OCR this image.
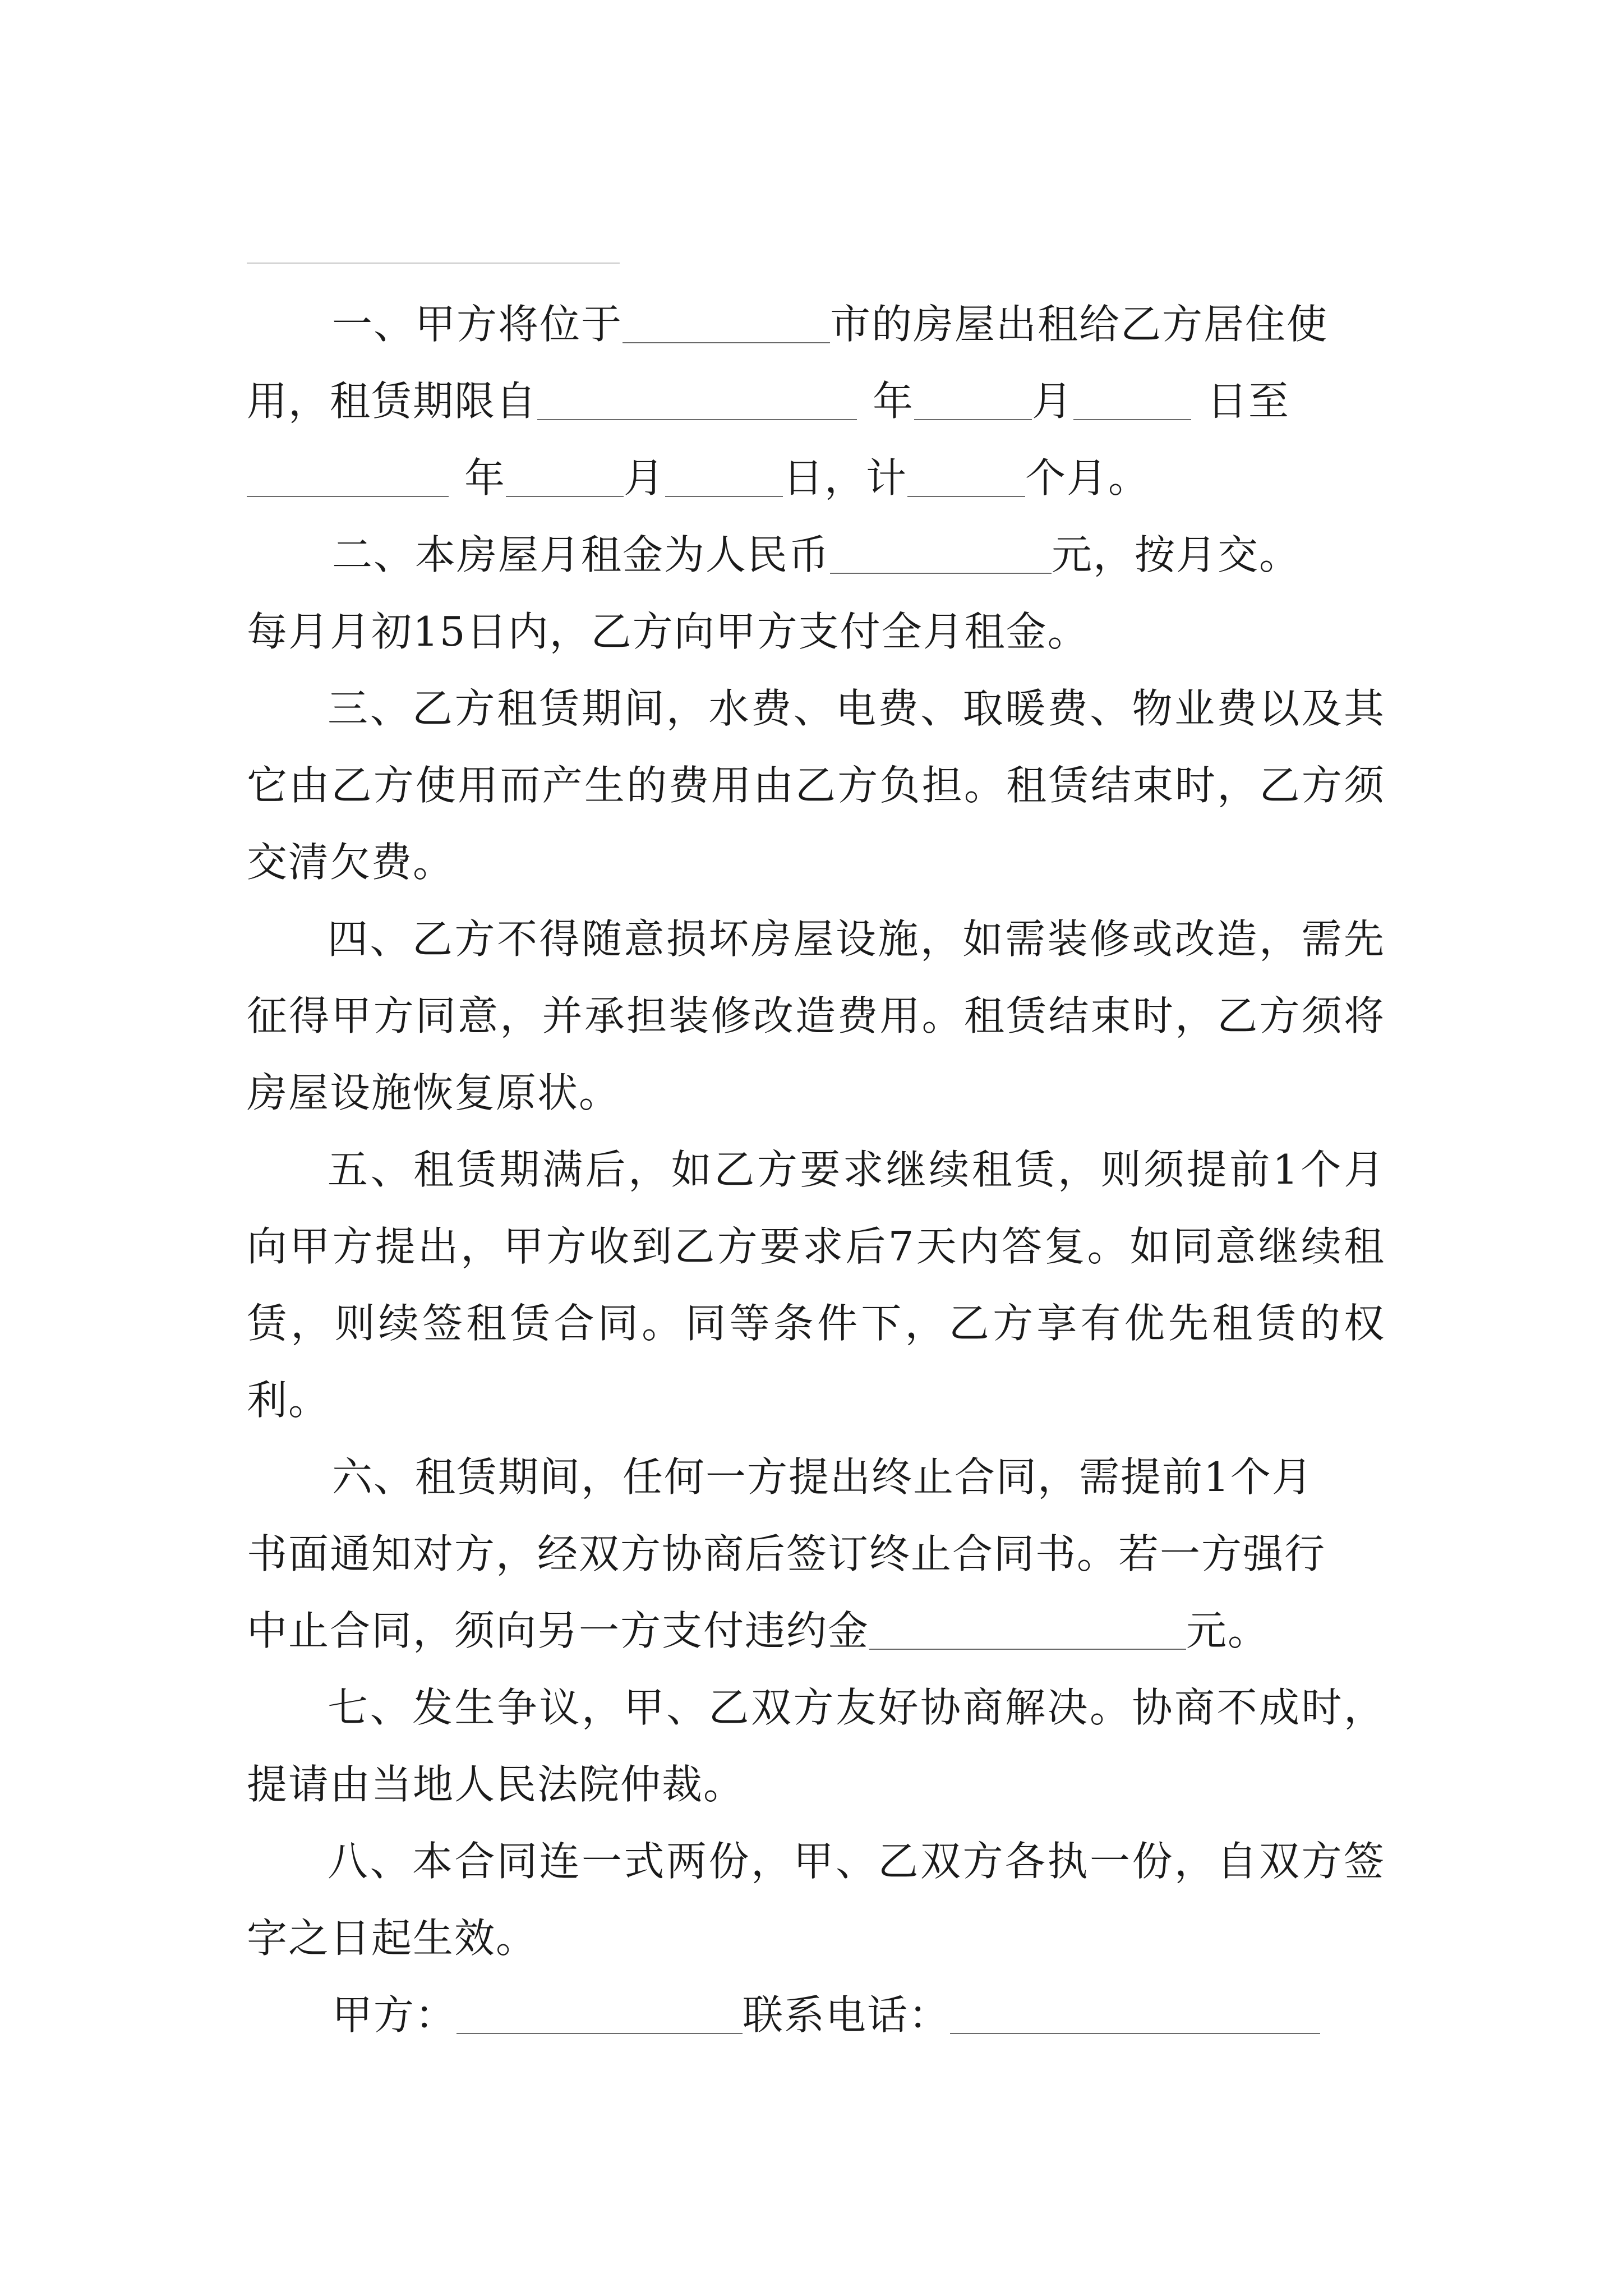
一、甲方将位于	市的房屋出租给乙方居住使
用，租赁期限自	年	月	日至
年	月	日，计	个月。
二、本房屋月租金为人民币	元，按月交。
每月月初15日内，乙方向甲方支付全月租金。

三、乙方租赁期间，水费、电费、取暖费、物业费以及其它由乙方使用而产生的费用由乙方负担。租赁结束时，乙方须交清欠费。

四、乙方不得随意损坏房屋设施，如需装修或改造，需先征得甲方同意，并承担装修改造费用。租赁结束时，乙方须将房屋设施恢复原状。

五、租赁期满后，如乙方要求继续租赁，则须提前1个月向甲方提出，甲方收到乙方要求后7天内答复。如同意继续租赁，则续签租赁合同。同等条件下，乙方享有优先租赁的权利。

六、租赁期间，任何一方提出终止合同，需提前1个月
书面通知对方，经双方协商后签订终止合同书。若一方强行
中止合同，须向另一方支付违约金	元。

七、发生争议，甲、乙双方友好协商解决。协商不成时，提请由当地人民法院仲裁。

八、本合同连一式两份，甲、乙双方各执一份，自双方签字之日起生效。

甲方：	联系电话：
